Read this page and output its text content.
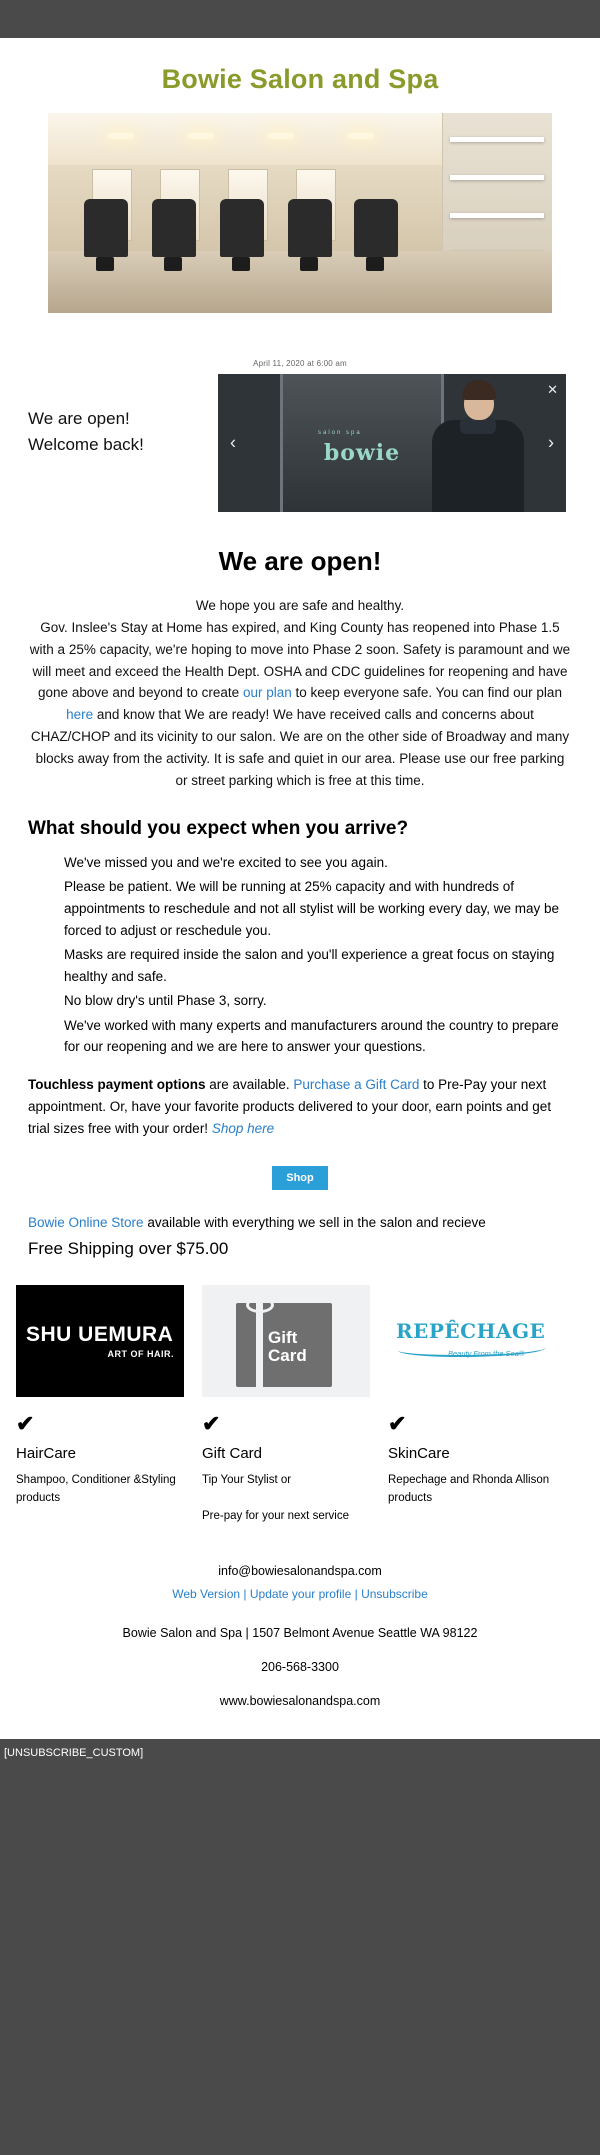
Bowie Salon and Spa

April 11, 2020 at 6:00 am

We are open!
Welcome back!
salon spa
bowie
‹	›
✕
We are open!

We hope you are safe and healthy.
Gov. Inslee's Stay at Home has expired, and King County has reopened into Phase 1.5 with a 25% capacity, we're hoping to move into Phase 2 soon. Safety is paramount and we will meet and exceed the Health Dept. OSHA and CDC guidelines for reopening and have gone above and beyond to create our plan to keep everyone safe. You can find our plan here and know that We are ready! We have received calls and concerns about CHAZ/CHOP and its vicinity to our salon. We are on the other side of Broadway and many blocks away from the activity. It is safe and quiet in our area. Please use our free parking or street parking which is free at this time.

What should you expect when you arrive?
We've missed you and we're excited to see you again.
Please be patient. We will be running at 25% capacity and with hundreds of appointments to reschedule and not all stylist will be working every day, we may be forced to adjust or reschedule you.
Masks are required inside the salon and you'll experience a great focus on staying healthy and safe.
No blow dry's until Phase 3, sorry.
We've worked with many experts and manufacturers around the country to prepare for our reopening and we are here to answer your questions.

Touchless payment options are available. Purchase a Gift Card to Pre-Pay your next appointment. Or, have your favorite products delivered to your door, earn points and get trial sizes free with your order! Shop here

Shop

Bowie Online Store available with everything we sell in the salon and recieve

Free Shipping over $75.00

SHU UEMURA
ART OF HAIR.
✔
HairCare

Shampoo, Conditioner &Styling products

Gift
Card
✔
Gift Card

Tip Your Stylist or

Pre-pay for your next service

REPÊCHAGE
Beauty From the Sea®
✔
SkinCare

Repechage and Rhonda Allison products

info@bowiesalonandspa.com
Web Version | Update your profile | Unsubscribe
Bowie Salon and Spa | 1507 Belmont Avenue Seattle WA 98122
206-568-3300
www.bowiesalonandspa.com
[UNSUBSCRIBE_CUSTOM]
